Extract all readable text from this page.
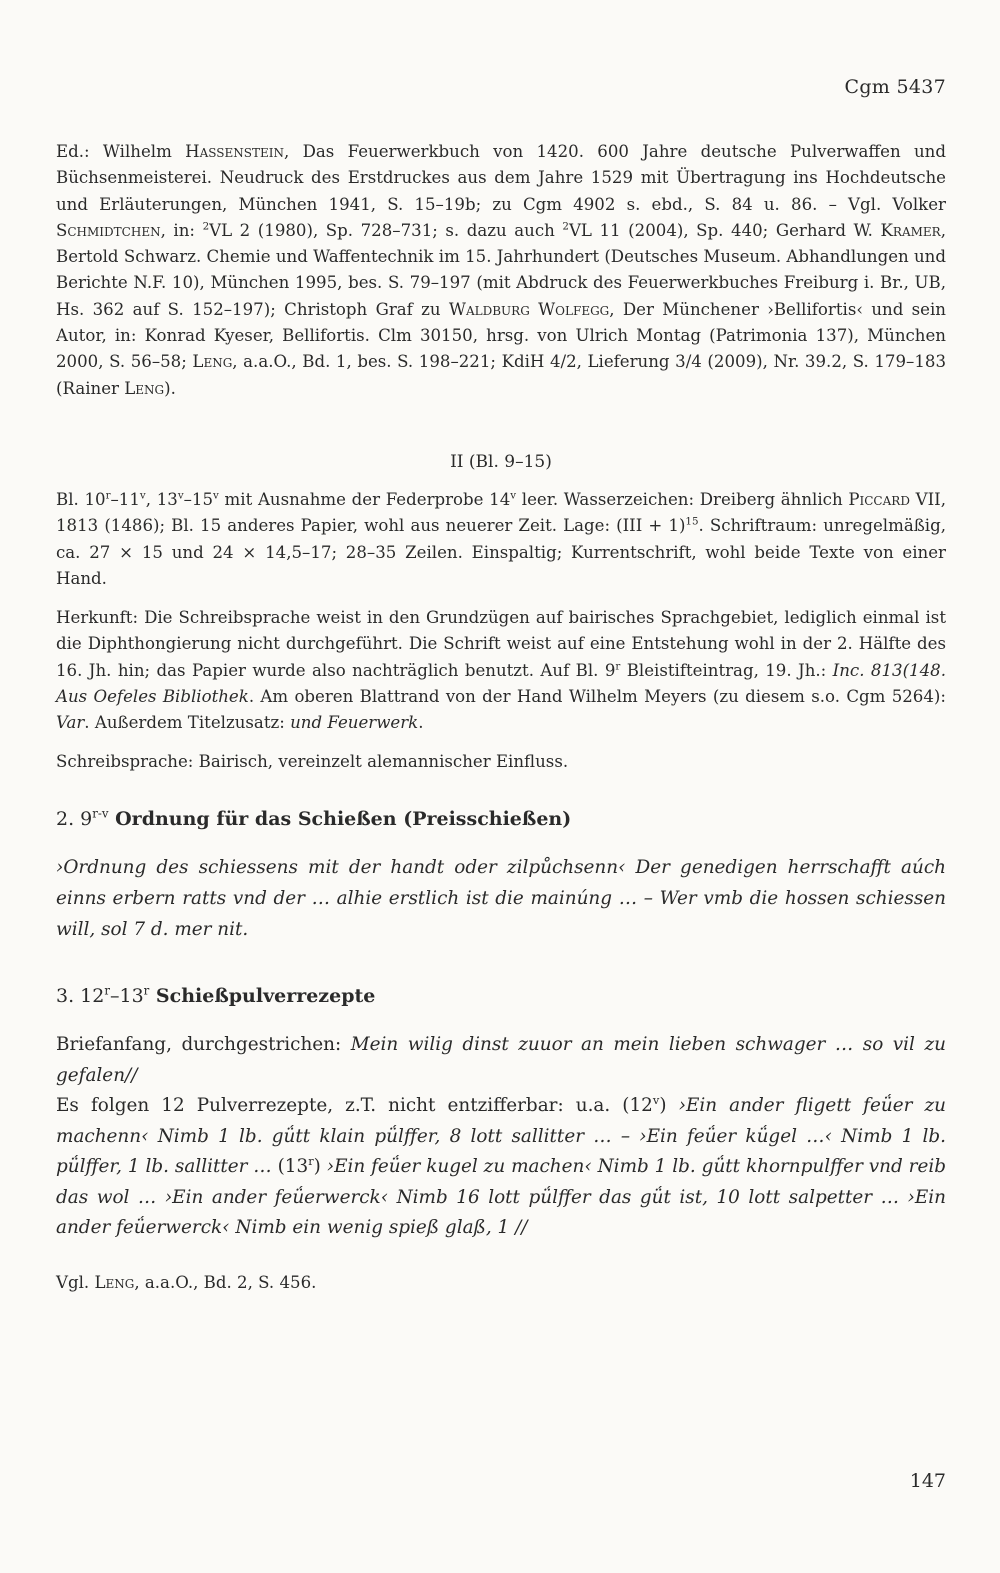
Cgm 5437

Ed.: Wilhelm Hassenstein, Das Feuerwerkbuch von 1420. 600 Jahre deutsche Pulverwaffen und Büchsenmeisterei. Neudruck des Erstdruckes aus dem Jahre 1529 mit Übertragung ins Hochdeutsche und Erläuterungen, München 1941, S. 15–19b; zu Cgm 4902 s. ebd., S. 84 u. 86. – Vgl. Volker Schmidtchen, in: $^2$VL 2 (1980), Sp. 728–731; s. dazu auch $^2$VL 11 (2004), Sp. 440; Gerhard W. Kramer, Bertold Schwarz. Chemie und Waffentechnik im 15. Jahrhundert (Deutsches Museum. Abhandlungen und Berichte N.F. 10), München 1995, bes. S. 79–197 (mit Abdruck des Feuerwerkbuches Freiburg i. Br., UB, Hs. 362 auf S. 152–197); Christoph Graf zu Waldburg Wolfegg, Der Münchener ›Bellifortis‹ und sein Autor, in: Konrad Kyeser, Bellifortis. Clm 30150, hrsg. von Ulrich Montag (Patrimonia 137), München 2000, S. 56–58; Leng, a.a.O., Bd. 1, bes. S. 198–221; KdiH 4/2, Lieferung 3/4 (2009), Nr. 39.2, S. 179–183 (Rainer Leng).

II (Bl. 9–15)

Bl. 10$^r$–11$^v$, 13$^v$–15$^v$ mit Ausnahme der Federprobe 14$^v$ leer. Wasserzeichen: Dreiberg ähnlich Piccard VII, 1813 (1486); Bl. 15 anderes Papier, wohl aus neuerer Zeit. Lage: (III + 1)$^{15}$. Schriftraum: unregelmäßig, ca. 27 × 15 und 24 × 14,5–17; 28–35 Zeilen. Einspaltig; Kurrentschrift, wohl beide Texte von einer Hand.

Herkunft: Die Schreibsprache weist in den Grundzügen auf bairisches Sprachgebiet, lediglich einmal ist die Diphthongierung nicht durchgeführt. Die Schrift weist auf eine Entstehung wohl in der 2. Hälfte des 16. Jh. hin; das Papier wurde also nachträglich benutzt. Auf Bl. 9$^r$ Bleistifteintrag, 19. Jh.: Inc. 813(148. Aus Oefeles Bibliothek. Am oberen Blattrand von der Hand Wilhelm Meyers (zu diesem s.o. Cgm 5264): Var. Außerdem Titelzusatz: und Feuerwerk.

Schreibsprache: Bairisch, vereinzelt alemannischer Einfluss.

2. 9$^{r-v}$ Ordnung für das Schießen (Preisschießen)

›Ordnung des schiessens mit der handt oder zilpůchsenn‹ Der genedigen herrschafft aúch einns erbern ratts vnd der … alhie erstlich ist die mainúng … – Wer vmb die hossen schiessen will, sol 7 d. mer nit.

3. 12$^r$–13$^r$ Schießpulverrezepte

Briefanfang, durchgestrichen: Mein wilig dinst zuuor an mein lieben schwager … so vil zu gefalen//

Es folgen 12 Pulverrezepte, z.T. nicht entzifferbar: u.a. (12$^v$) ›Ein ander fligett feǘer zu machenn‹ Nimb 1 lb. gǘtt klain pǘlffer, 8 lott sallitter … – ›Ein feǘer kǘgel …‹ Nimb 1 lb. pǘlffer, 1 lb. sallitter … (13$^r$) ›Ein feǘer kugel zu machen‹ Nimb 1 lb. gǘtt khornpulffer vnd reib das wol … ›Ein ander feǘerwerck‹ Nimb 16 lott pǘlffer das gǘt ist, 10 lott salpetter … ›Ein ander feǘerwerck‹ Nimb ein wenig spieß glaß, 1 //

Vgl. Leng, a.a.O., Bd. 2, S. 456.
147
